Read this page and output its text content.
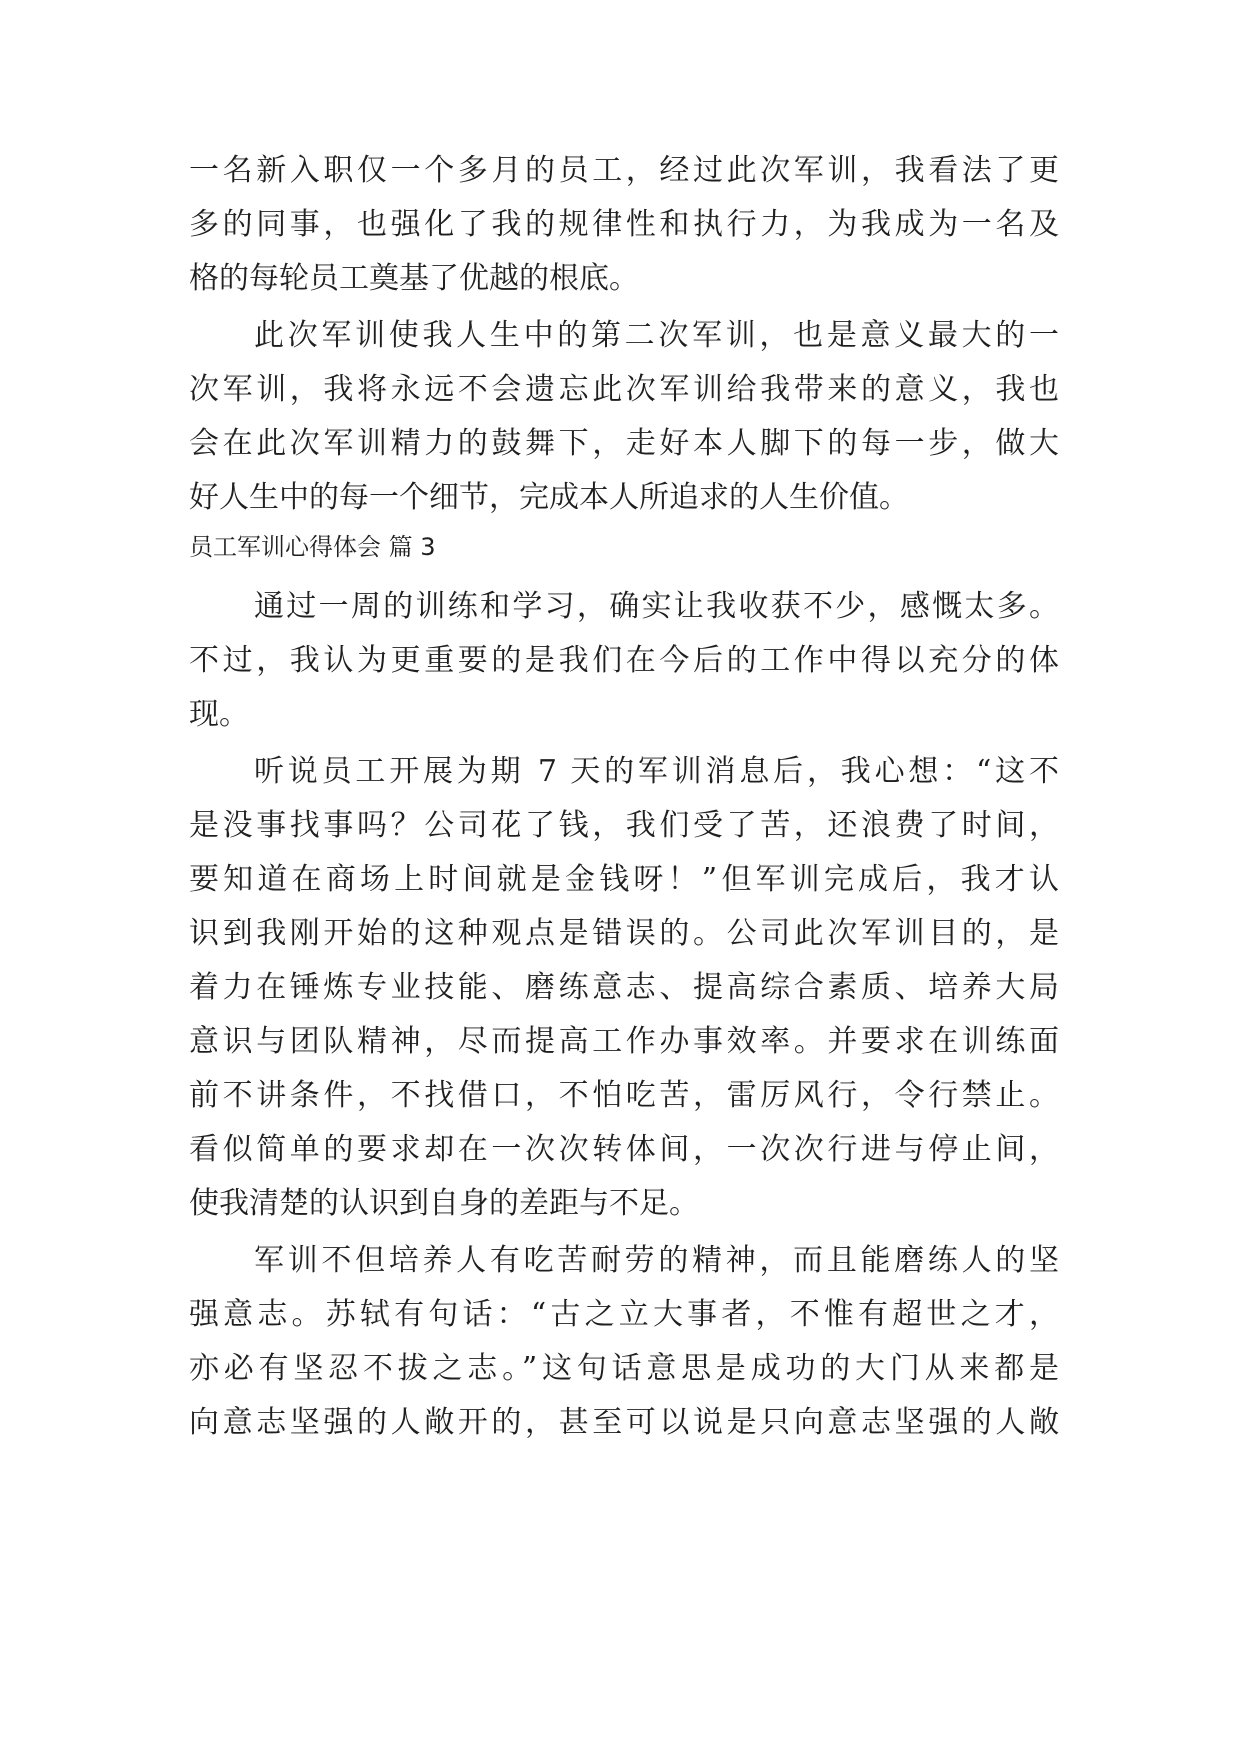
一名新入职仅一个多月的员工，经过此次军训，我看法了更
多的同事，也强化了我的规律性和执行力，为我成为一名及
格的每轮员工奠基了优越的根底。
此次军训使我人生中的第二次军训，也是意义最大的一
次军训，我将永远不会遗忘此次军训给我带来的意义，我也
会在此次军训精力的鼓舞下，走好本人脚下的每一步，做大
好人生中的每一个细节，完成本人所追求的人生价值。
员工军训心得体会 篇 3
通过一周的训练和学习，确实让我收获不少，感慨太多。
不过，我认为更重要的是我们在今后的工作中得以充分的体
现。
听说员工开展为期 7 天的军训消息后，我心想：“这不
是没事找事吗？公司花了钱，我们受了苦，还浪费了时间，
要知道在商场上时间就是金钱呀！”但军训完成后，我才认
识到我刚开始的这种观点是错误的。公司此次军训目的，是
着力在锤炼专业技能、磨练意志、提高综合素质、培养大局
意识与团队精神，尽而提高工作办事效率。并要求在训练面
前不讲条件，不找借口，不怕吃苦，雷厉风行，令行禁止。
看似简单的要求却在一次次转体间，一次次行进与停止间，
使我清楚的认识到自身的差距与不足。
军训不但培养人有吃苦耐劳的精神，而且能磨练人的坚
强意志。苏轼有句话：“古之立大事者，不惟有超世之才，
亦必有坚忍不拔之志。”这句话意思是成功的大门从来都是
向意志坚强的人敞开的，甚至可以说是只向意志坚强的人敞
